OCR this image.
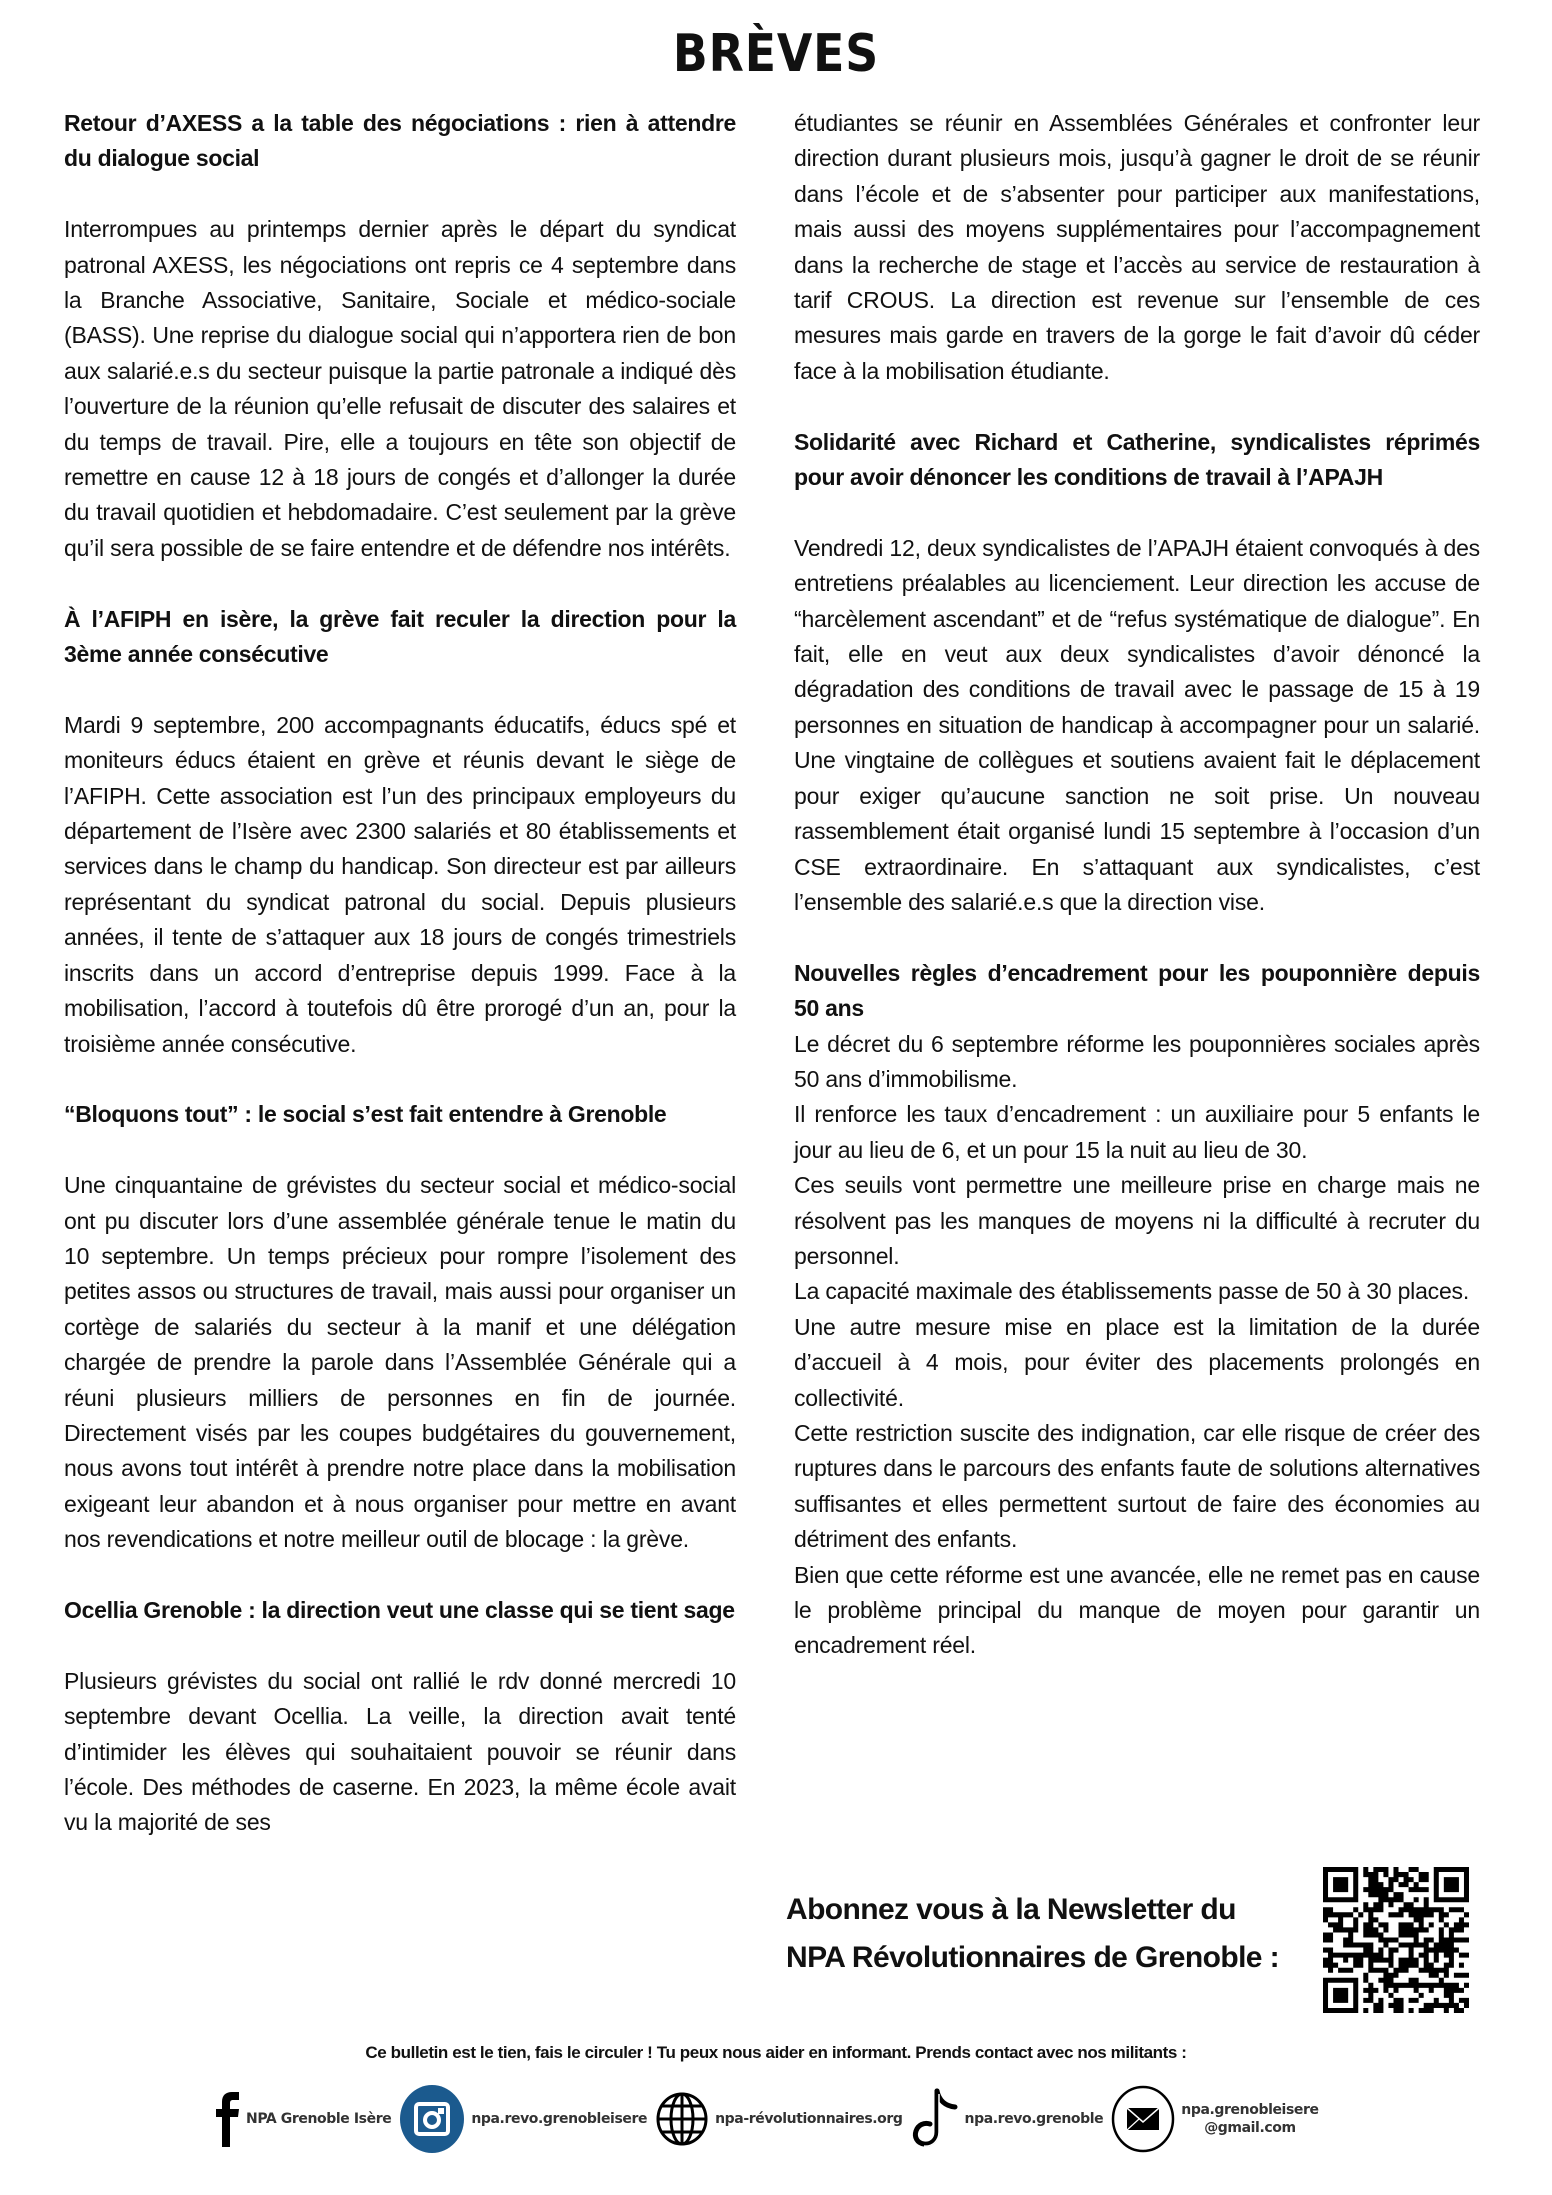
BRÈVES
Retour d’AXESS a la table des négociations : rien à attendre du dialogue social

Interrompues au printemps dernier après le départ du syndicat patronal AXESS, les négociations ont repris ce 4 septembre dans la Branche Associative, Sanitaire, Sociale et médico-sociale (BASS). Une reprise du dialogue social qui n’apportera rien de bon aux salarié.e.s du secteur puisque la partie patronale a indiqué dès l’ouverture de la réunion qu’elle refusait de discuter des salaires et du temps de travail. Pire, elle a toujours en tête son objectif de remettre en cause 12 à 18 jours de congés et d’allonger la durée du travail quotidien et hebdomadaire. C’est seulement par la grève qu’il sera possible de se faire entendre et de défendre nos intérêts.

À l’AFIPH en isère, la grève fait reculer la direction pour la 3ème année consécutive

Mardi 9 septembre, 200 accompagnants éducatifs, éducs spé et moniteurs éducs étaient en grève et réunis devant le siège de l’AFIPH. Cette association est l’un des principaux employeurs du département de l’Isère avec 2300 salariés et 80 établissements et services dans le champ du handicap. Son directeur est par ailleurs représentant du syndicat patronal du social. Depuis plusieurs années, il tente de s’attaquer aux 18 jours de congés trimestriels inscrits dans un accord d’entreprise depuis 1999. Face à la mobilisation, l’accord à toutefois dû être prorogé d’un an, pour la troisième année consécutive.

“Bloquons tout” : le social s’est fait entendre à Grenoble

Une cinquantaine de grévistes du secteur social et médico-social ont pu discuter lors d’une assemblée générale tenue le matin du 10 septembre. Un temps précieux pour rompre l’isolement des petites assos ou structures de travail, mais aussi pour organiser un cortège de salariés du secteur à la manif et une délégation chargée de prendre la parole dans l’Assemblée Générale qui a réuni plusieurs milliers de personnes en fin de journée. Directement visés par les coupes budgétaires du gouvernement, nous avons tout intérêt à prendre notre place dans la mobilisation exigeant leur abandon et à nous organiser pour mettre en avant nos revendications et notre meilleur outil de blocage : la grève.

Ocellia Grenoble : la direction veut une classe qui se tient sage

Plusieurs grévistes du social ont rallié le rdv donné mercredi 10 septembre devant Ocellia. La veille, la direction avait tenté d’intimider les élèves qui souhaitaient pouvoir se réunir dans l’école. Des méthodes de caserne. En 2023, la même école avait vu la majorité de ses

étudiantes se réunir en Assemblées Générales et confronter leur direction durant plusieurs mois, jusqu’à gagner le droit de se réunir dans l’école et de s’absenter pour participer aux manifestations, mais aussi des moyens supplémentaires pour l’accompagnement dans la recherche de stage et l’accès au service de restauration à tarif CROUS. La direction est revenue sur l’ensemble de ces mesures mais garde en travers de la gorge le fait d’avoir dû céder face à la mobilisation étudiante.

Solidarité avec Richard et Catherine, syndicalistes réprimés pour avoir dénoncer les conditions de travail à l’APAJH

Vendredi 12, deux syndicalistes de l’APAJH étaient convoqués à des entretiens préalables au licenciement. Leur direction les accuse de “harcèlement ascendant” et de “refus systématique de dialogue”. En fait, elle en veut aux deux syndicalistes d’avoir dénoncé la dégradation des conditions de travail avec le passage de 15 à 19 personnes en situation de handicap à accompagner pour un salarié. Une vingtaine de collègues et soutiens avaient fait le déplacement pour exiger qu’aucune sanction ne soit prise. Un nouveau rassemblement était organisé lundi 15 septembre à l’occasion d’un CSE extraordinaire. En s’attaquant aux syndicalistes, c’est l’ensemble des salarié.e.s que la direction vise.

Nouvelles règles d’encadrement pour les pouponnière depuis 50 ans

Le décret du 6 septembre réforme les pouponnières sociales après 50 ans d’immobilisme.

Il renforce les taux d’encadrement : un auxiliaire pour 5 enfants le jour au lieu de 6, et un pour 15 la nuit au lieu de 30.

Ces seuils vont permettre une meilleure prise en charge mais ne résolvent pas les manques de moyens ni la difficulté à recruter du personnel.

La capacité maximale des établissements passe de 50 à 30 places.

Une autre mesure mise en place est la limitation de la durée d’accueil à 4 mois, pour éviter des placements prolongés en collectivité.

Cette restriction suscite des indignation, car elle risque de créer des ruptures dans le parcours des enfants faute de solutions alternatives suffisantes et elles permettent surtout de faire des économies au détriment des enfants.

Bien que cette réforme est une avancée, elle ne remet pas en cause le problème principal du manque de moyen pour garantir un encadrement réel.

Abonnez vous à la Newsletter du
NPA Révolutionnaires de Grenoble :
Ce bulletin est le tien, fais le circuler ! Tu peux nous aider en informant. Prends contact avec nos militants :
NPA Grenoble Isère	npa.revo.grenobleisere	npa-révolutionnaires.org	npa.revo.grenoble
npa.grenobleisere
@gmail.com
